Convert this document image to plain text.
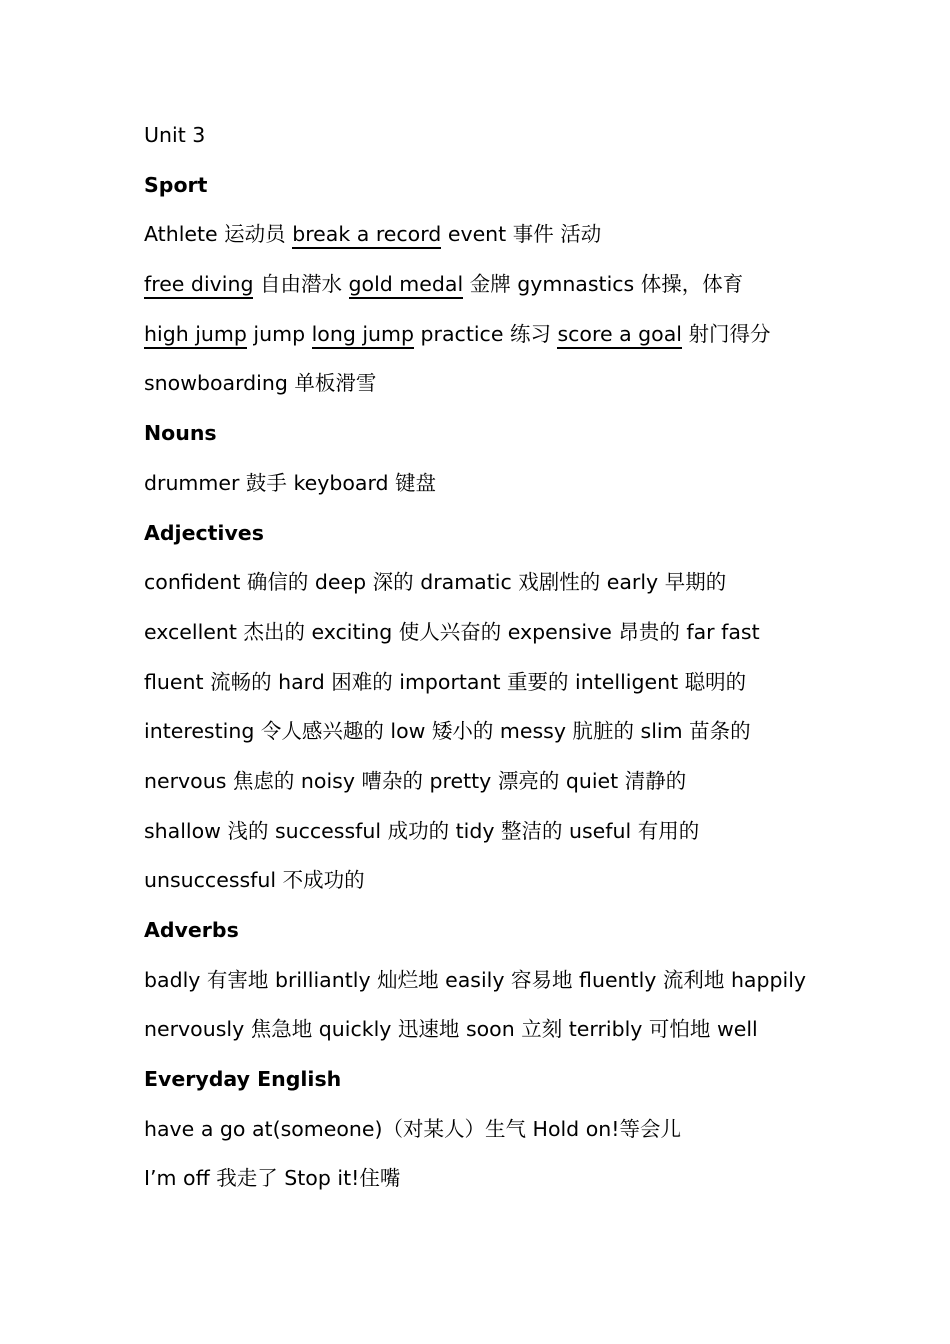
Unit 3
Sport
Athlete 运动员 break a record event 事件 活动
free diving 自由潜水 gold medal 金牌 gymnastics 体操，体育
high jump jump long jump practice 练习 score a goal 射门得分
snowboarding 单板滑雪
Nouns
drummer 鼓手 keyboard 键盘
Adjectives
confident 确信的 deep 深的 dramatic 戏剧性的 early 早期的
excellent 杰出的 exciting 使人兴奋的 expensive 昂贵的 far fast
fluent 流畅的 hard 困难的 important 重要的 intelligent 聪明的
interesting 令人感兴趣的 low 矮小的 messy 肮脏的 slim 苗条的
nervous 焦虑的 noisy 嘈杂的 pretty 漂亮的 quiet 清静的
shallow 浅的 successful 成功的 tidy 整洁的 useful 有用的
unsuccessful 不成功的
Adverbs
badly 有害地 brilliantly 灿烂地 easily 容易地 fluently 流利地 happily
nervously 焦急地 quickly 迅速地 soon 立刻 terribly 可怕地 well
Everyday English
have a go at(someone)（对某人）生气 Hold on!等会儿
I’m off 我走了 Stop it!住嘴
